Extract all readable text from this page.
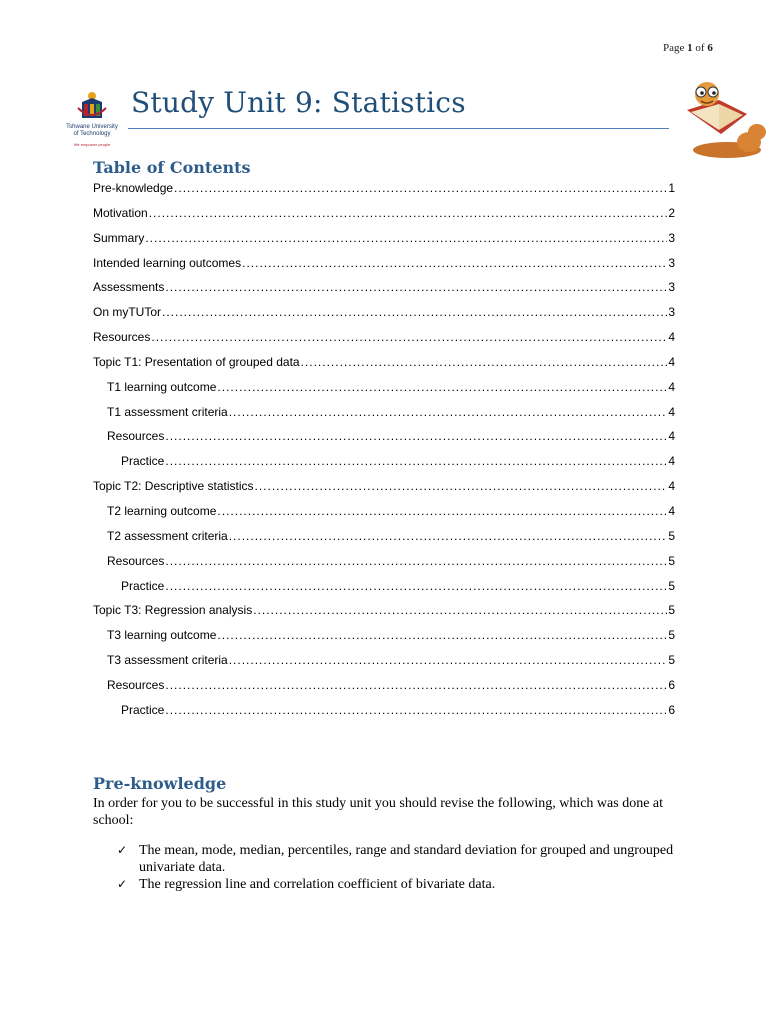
Page 1 of 6
Tshwane University
of Technology
We empower people
Study Unit 9: Statistics
Table of Contents
Pre-knowledge .....	1
Motivation .....	2
Summary .....	3
Intended learning outcomes .....	3
Assessments .....	3
On myTUTor .....	3
Resources .....	4
Topic T1: Presentation of grouped data .....	4
T1 learning outcome .....	4
T1 assessment criteria .....	4
Resources .....	4
Practice .....	4
Topic T2: Descriptive statistics .....	4
T2 learning outcome .....	4
T2 assessment criteria .....	5
Resources .....	5
Practice .....	5
Topic T3: Regression analysis .....	5
T3 learning outcome .....	5
T3 assessment criteria .....	5
Resources .....	6
Practice .....	6
Pre-knowledge
In order for you to be successful in this study unit you should revise the following, which was done at school:
✓ The mean, mode, median, percentiles, range and standard deviation for grouped and ungrouped univariate data.
✓ The regression line and correlation coefficient of bivariate data.
